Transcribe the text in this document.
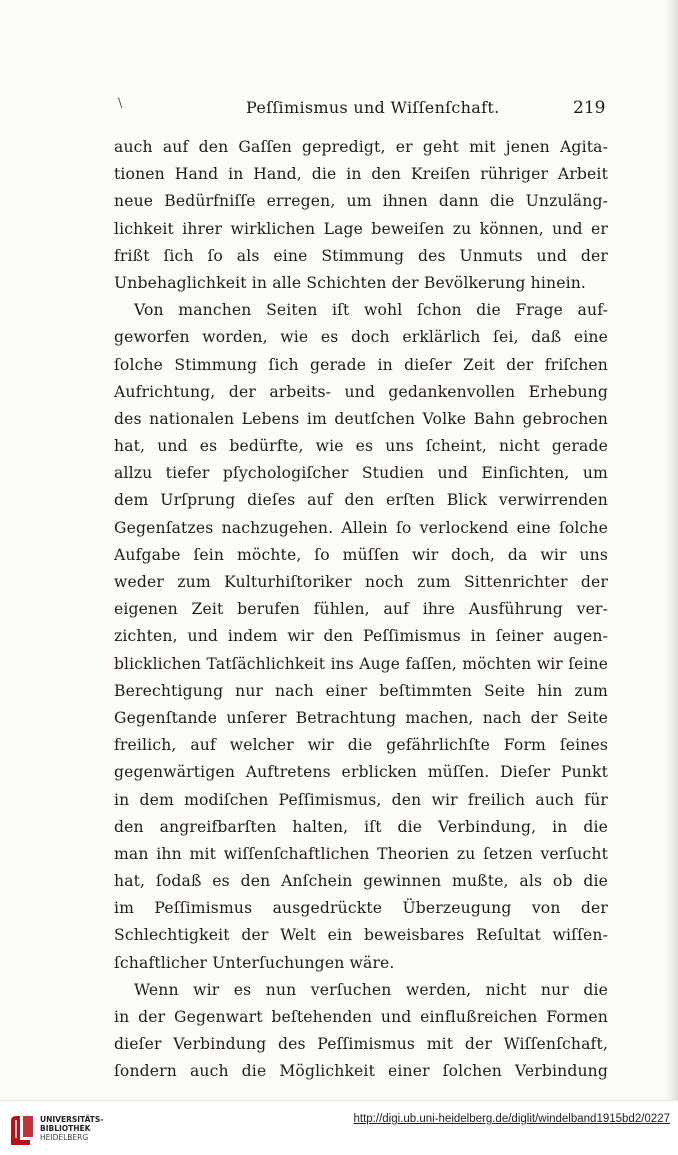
\	Peſſimismus und Wiſſenſchaft.	219
auch auf den Gaſſen gepredigt, er geht mit jenen Agita-
tionen Hand in Hand, die in den Kreiſen rühriger Arbeit
neue Bedürfniſſe erregen, um ihnen dann die Unzuläng-
lichkeit ihrer wirklichen Lage beweiſen zu können, und er
frißt ſich ſo als eine Stimmung des Unmuts und der
Unbehaglichkeit in alle Schichten der Bevölkerung hinein.
Von manchen Seiten iſt wohl ſchon die Frage auf-
geworfen worden, wie es doch erklärlich ſei, daß eine
ſolche Stimmung ſich gerade in dieſer Zeit der friſchen
Aufrichtung, der arbeits- und gedankenvollen Erhebung
des nationalen Lebens im deutſchen Volke Bahn gebrochen
hat, und es bedürfte, wie es uns ſcheint, nicht gerade
allzu tiefer pſychologiſcher Studien und Einſichten, um
dem Urſprung dieſes auf den erſten Blick verwirrenden
Gegenſatzes nachzugehen. Allein ſo verlockend eine ſolche
Aufgabe ſein möchte, ſo müſſen wir doch, da wir uns
weder zum Kulturhiſtoriker noch zum Sittenrichter der
eigenen Zeit berufen fühlen, auf ihre Ausführung ver-
zichten, und indem wir den Peſſimismus in ſeiner augen-
blicklichen Tatſächlichkeit ins Auge faſſen, möchten wir ſeine
Berechtigung nur nach einer beſtimmten Seite hin zum
Gegenſtande unſerer Betrachtung machen, nach der Seite
freilich, auf welcher wir die gefährlichſte Form ſeines
gegenwärtigen Auftretens erblicken müſſen. Dieſer Punkt
in dem modiſchen Peſſimismus, den wir freilich auch für
den angreifbarſten halten, iſt die Verbindung, in die
man ihn mit wiſſenſchaftlichen Theorien zu ſetzen verſucht
hat, ſodaß es den Anſchein gewinnen mußte, als ob die
im Peſſimismus ausgedrückte Überzeugung von der
Schlechtigkeit der Welt ein beweisbares Reſultat wiſſen-
ſchaftlicher Unterſuchungen wäre.
Wenn wir es nun verſuchen werden, nicht nur die
in der Gegenwart beſtehenden und einflußreichen Formen
dieſer Verbindung des Peſſimismus mit der Wiſſenſchaft,
ſondern auch die Möglichkeit einer ſolchen Verbindung
UNIVERSITÄTS-
BIBLIOTHEK
HEIDELBERG
http://digi.ub.uni-heidelberg.de/diglit/windelband1915bd2/0227
